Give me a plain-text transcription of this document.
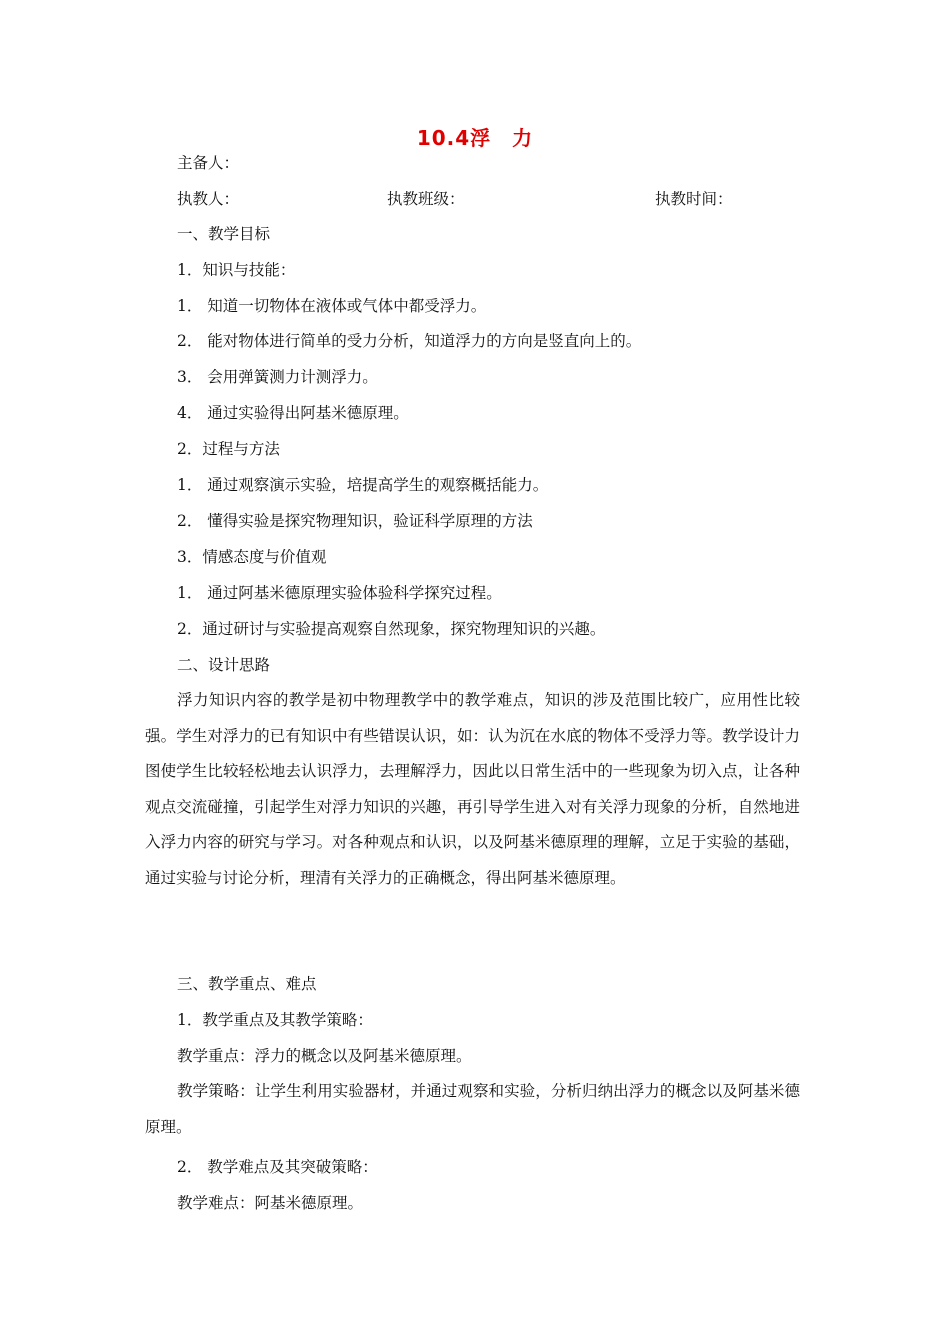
10.4浮　力
主备人：
执教人：	执教班级：	执教时间：
一、教学目标
1．知识与技能：
1． 知道一切物体在液体或气体中都受浮力。
2． 能对物体进行简单的受力分析，知道浮力的方向是竖直向上的。
3． 会用弹簧测力计测浮力。
4． 通过实验得出阿基米德原理。
2．过程与方法
1． 通过观察演示实验，培提高学生的观察概括能力。
2． 懂得实验是探究物理知识，验证科学原理的方法
3．情感态度与价值观
1． 通过阿基米德原理实验体验科学探究过程。
2．通过研讨与实验提高观察自然现象，探究物理知识的兴趣。
二、设计思路
浮力知识内容的教学是初中物理教学中的教学难点，知识的涉及范围比较广，应用性比较强。学生对浮力的已有知识中有些错误认识，如：认为沉在水底的物体不受浮力等。教学设计力图使学生比较轻松地去认识浮力，去理解浮力，因此以日常生活中的一些现象为切入点，让各种观点交流碰撞，引起学生对浮力知识的兴趣，再引导学生进入对有关浮力现象的分析，自然地进入浮力内容的研究与学习。对各种观点和认识，以及阿基米德原理的理解，立足于实验的基础，通过实验与讨论分析，理清有关浮力的正确概念，得出阿基米德原理。
三、教学重点、难点
1．教学重点及其教学策略：
教学重点：浮力的概念以及阿基米德原理。
教学策略：让学生利用实验器材，并通过观察和实验，分析归纳出浮力的概念以及阿基米德原理。
2． 教学难点及其突破策略：
教学难点：阿基米德原理。
